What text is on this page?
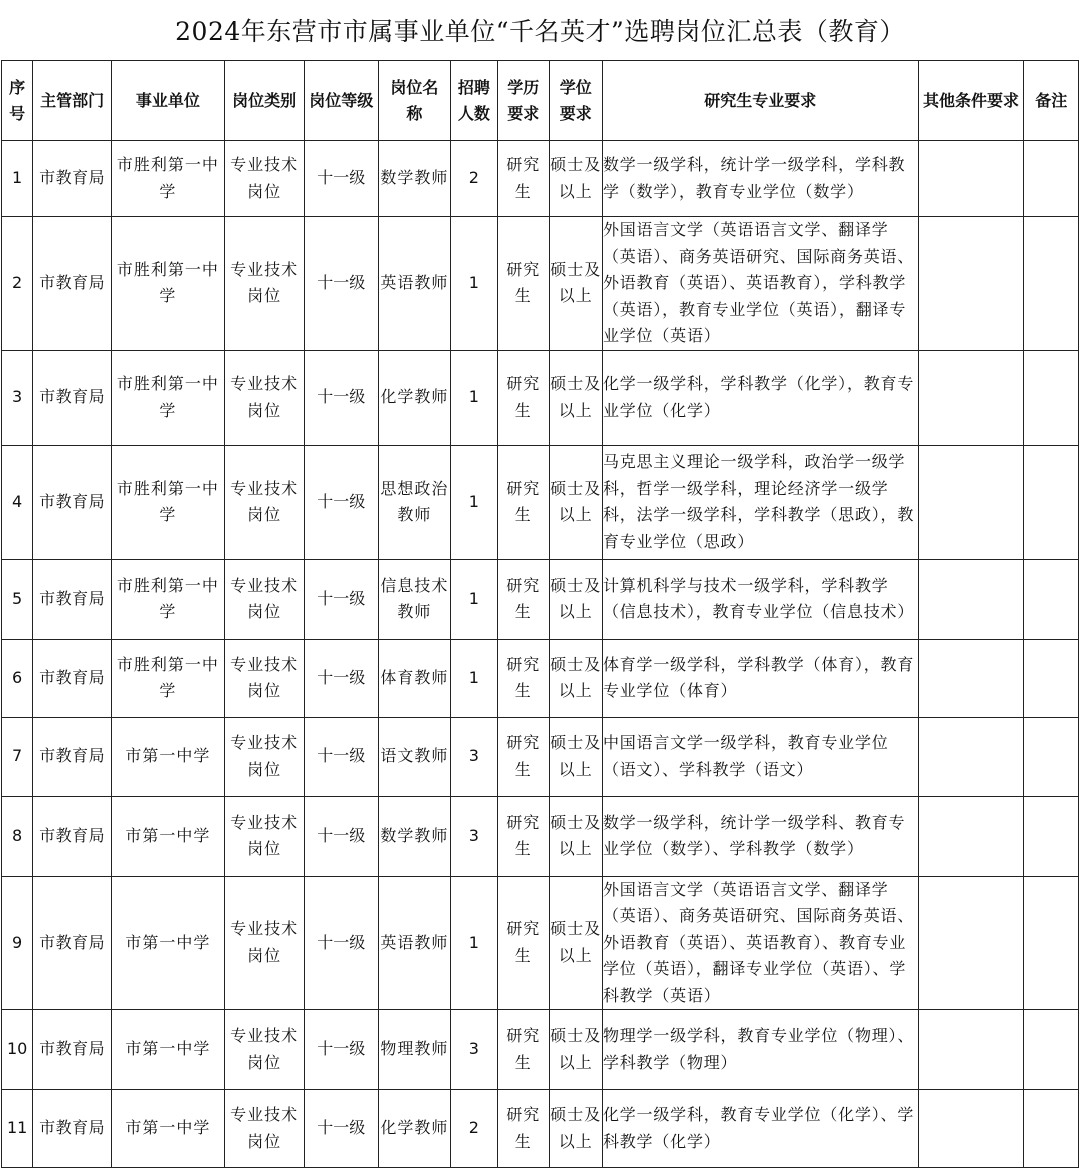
2024年东营市市属事业单位“千名英才”选聘岗位汇总表（教育）
序号	主管部门	事业单位	岗位类别	岗位等级	岗位名称	招聘人数	学历要求	学位要求	研究生专业要求	其他条件要求	备注
1	市教育局	市胜利第一中学	专业技术岗位	十一级	数学教师	2	研究生	硕士及以上	数学一级学科，统计学一级学科，学科教学（数学），教育专业学位（数学）		
2	市教育局	市胜利第一中学	专业技术岗位	十一级	英语教师	1	研究生	硕士及以上	外国语言文学（英语语言文学、翻译学（英语）、商务英语研究、国际商务英语、外语教育（英语）、英语教育），学科教学（英语），教育专业学位（英语），翻译专业学位（英语）		
3	市教育局	市胜利第一中学	专业技术岗位	十一级	化学教师	1	研究生	硕士及以上	化学一级学科，学科教学（化学），教育专业学位（化学）		
4	市教育局	市胜利第一中学	专业技术岗位	十一级	思想政治教师	1	研究生	硕士及以上	马克思主义理论一级学科，政治学一级学科，哲学一级学科，理论经济学一级学科，法学一级学科，学科教学（思政），教育专业学位（思政）		
5	市教育局	市胜利第一中学	专业技术岗位	十一级	信息技术教师	1	研究生	硕士及以上	计算机科学与技术一级学科，学科教学（信息技术），教育专业学位（信息技术）		
6	市教育局	市胜利第一中学	专业技术岗位	十一级	体育教师	1	研究生	硕士及以上	体育学一级学科，学科教学（体育），教育专业学位（体育）		
7	市教育局	市第一中学	专业技术岗位	十一级	语文教师	3	研究生	硕士及以上	中国语言文学一级学科，教育专业学位（语文）、学科教学（语文）		
8	市教育局	市第一中学	专业技术岗位	十一级	数学教师	3	研究生	硕士及以上	数学一级学科，统计学一级学科、教育专业学位（数学）、学科教学（数学）		
9	市教育局	市第一中学	专业技术岗位	十一级	英语教师	1	研究生	硕士及以上	外国语言文学（英语语言文学、翻译学（英语）、商务英语研究、国际商务英语、外语教育（英语）、英语教育）、教育专业学位（英语），翻译专业学位（英语）、学科教学（英语）		
10	市教育局	市第一中学	专业技术岗位	十一级	物理教师	3	研究生	硕士及以上	物理学一级学科，教育专业学位（物理）、学科教学（物理）		
11	市教育局	市第一中学	专业技术岗位	十一级	化学教师	2	研究生	硕士及以上	化学一级学科，教育专业学位（化学）、学科教学（化学）		
